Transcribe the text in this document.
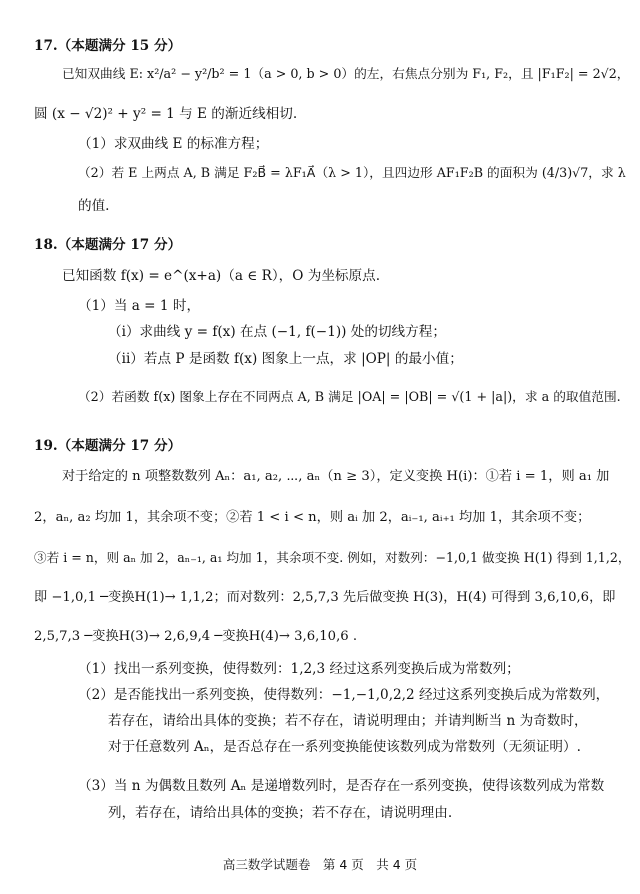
17.（本题满分 15 分）
已知双曲线 E: x²/a² − y²/b² = 1（a > 0, b > 0）的左，右焦点分别为 F₁, F₂，且 |F₁F₂| = 2√2，
圆 (x − √2)² + y² = 1 与 E 的渐近线相切.
（1）求双曲线 E 的标准方程；
（2）若 E 上两点 A, B 满足 F₂B⃗ = λF₁A⃗（λ > 1），且四边形 AF₁F₂B 的面积为 (4/3)√7，求 λ
的值.
18.（本题满分 17 分）
已知函数 f(x) = e^(x+a)（a ∈ R），O 为坐标原点.
（1）当 a = 1 时，
（i）求曲线 y = f(x) 在点 (−1, f(−1)) 处的切线方程；
（ii）若点 P 是函数 f(x) 图象上一点，求 |OP| 的最小值；
（2）若函数 f(x) 图象上存在不同两点 A, B 满足 |OA| = |OB| = √(1 + |a|)，求 a 的取值范围.
19.（本题满分 17 分）
对于给定的 n 项整数数列 Aₙ：a₁, a₂, ⋯, aₙ（n ≥ 3），定义变换 H(i)：①若 i = 1，则 a₁ 加
2，aₙ, a₂ 均加 1，其余项不变；②若 1 < i < n，则 aᵢ 加 2，aᵢ₋₁, aᵢ₊₁ 均加 1，其余项不变；
③若 i = n，则 aₙ 加 2，aₙ₋₁, a₁ 均加 1，其余项不变. 例如，对数列：−1,0,1 做变换 H(1) 得到 1,1,2，
即 −1,0,1 ─变换H(1)→ 1,1,2；而对数列：2,5,7,3 先后做变换 H(3)，H(4) 可得到 3,6,10,6，即
2,5,7,3 ─变换H(3)→ 2,6,9,4 ─变换H(4)→ 3,6,10,6 .
（1）找出一系列变换，使得数列：1,2,3 经过这系列变换后成为常数列；
（2）是否能找出一系列变换，使得数列：−1,−1,0,2,2 经过这系列变换后成为常数列，
若存在，请给出具体的变换；若不存在，请说明理由；并请判断当 n 为奇数时，
对于任意数列 Aₙ，是否总存在一系列变换能使该数列成为常数列（无须证明）.
（3）当 n 为偶数且数列 Aₙ 是递增数列时，是否存在一系列变换，使得该数列成为常数
列，若存在，请给出具体的变换；若不存在，请说明理由.
高三数学试题卷　第 4 页　共 4 页
